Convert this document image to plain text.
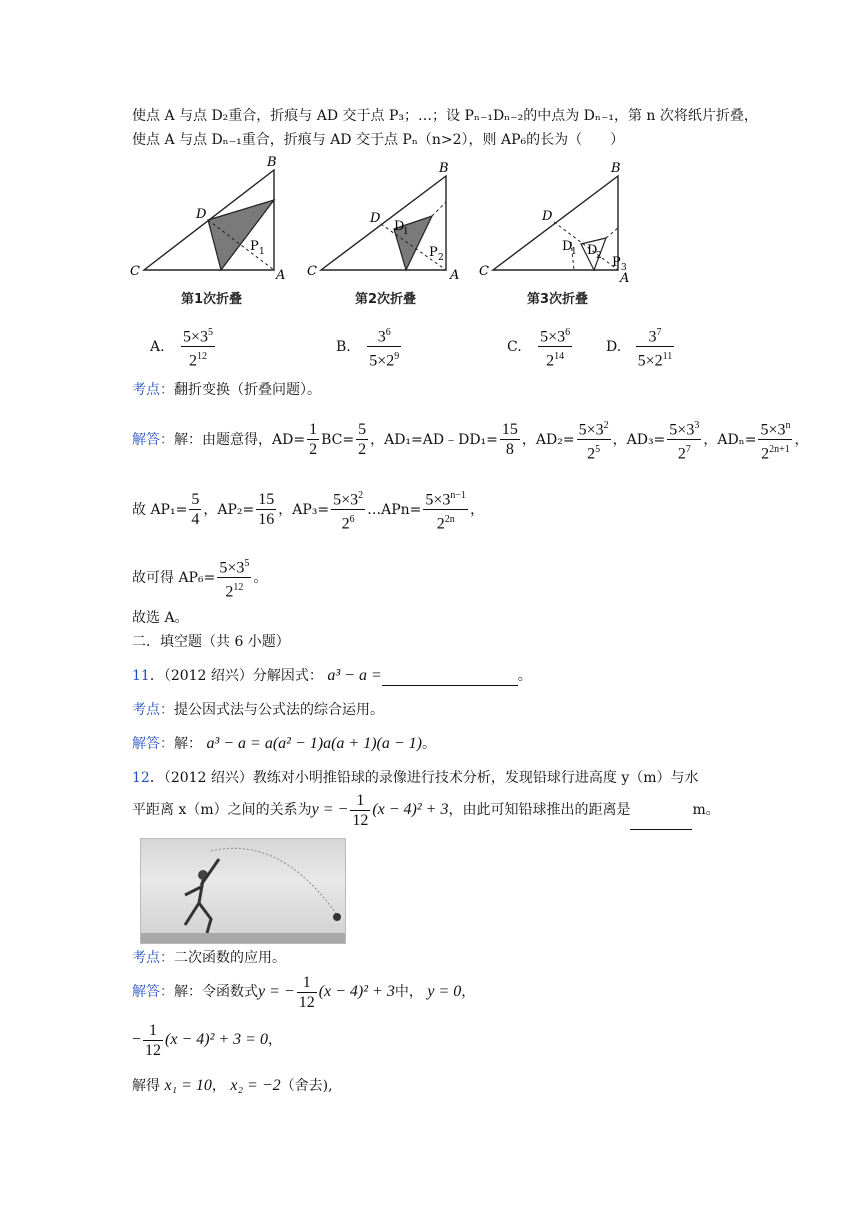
使点 A 与点 D₂重合，折痕与 AD 交于点 P₃；…；设 Pₙ₋₁Dₙ₋₂的中点为 Dₙ₋₁，第 n 次将纸片折叠，
使点 A 与点 Dₙ₋₁重合，折痕与 AD 交于点 Pₙ（n>2），则 AP₆的长为（　　）
B
C
D
A
P 1
B
C
D
D
1
A
P 2
B
C
D
D
1 D
2 P 3
A
第1次折叠	第2次折叠	第3次折叠
A. $\frac{5\times 3^5}{2^{12}}$	B. $\frac{3^6}{5\times 2^9}$	C. $\frac{5\times 3^6}{2^{14}} D$. $\frac{3^7}{5\times 2^{11}}$
考点：翻折变换（折叠问题）。
解答：解：由题意得，$AD= \frac{1}{2} BC= \frac{5}{2}$ ，AD₁=AD﹣DD₁= $\frac{15}{8}$ ，$AD_2= \frac{5\times 3^2}{2^5}$ ，$AD_3= \frac{5\times 3^3}{2^7}$ ，$AD_n= \frac{5\times 3^n}{2^{2n+1}}$ ，
故 $AP_1= \frac{5}{4}$ ，$AP_2= \frac{15}{16}$ ，$AP_3= \frac{5\times 3^2}{2^6}$ …APn= $\frac{5\times 3^{n-1}}{2^{2n}}$ ，
故可得 $AP_6= \frac{5\times 3^5}{2^{12}}$ 。
故选 A。
二．填空题（共 6 小题）
11．（2012 绍兴）分解因式： a³ − a =	。
考点：提公因式法与公式法的综合运用。
解答：解： a³ − a = a(a² − 1)a(a + 1)(a − 1)。
12．（2012 绍兴）教练对小明推铅球的录像进行技术分析，发现铅球行进高度 y（m）与水
平距离 x（m）之间的关系为y = − $\frac{1}{12} (x - 4)^2 + 3$，由此可知铅球推出的距离是	m。
考点：二次函数的应用。
解答：解：令函数式y = − $\frac{1}{12} (x - 4)^2 + 3$中， y = 0，
− $\frac{1}{12} (x - 4)^2 + 3 = 0$，
解得 x₁ = 10， x₂ = −2（舍去),
